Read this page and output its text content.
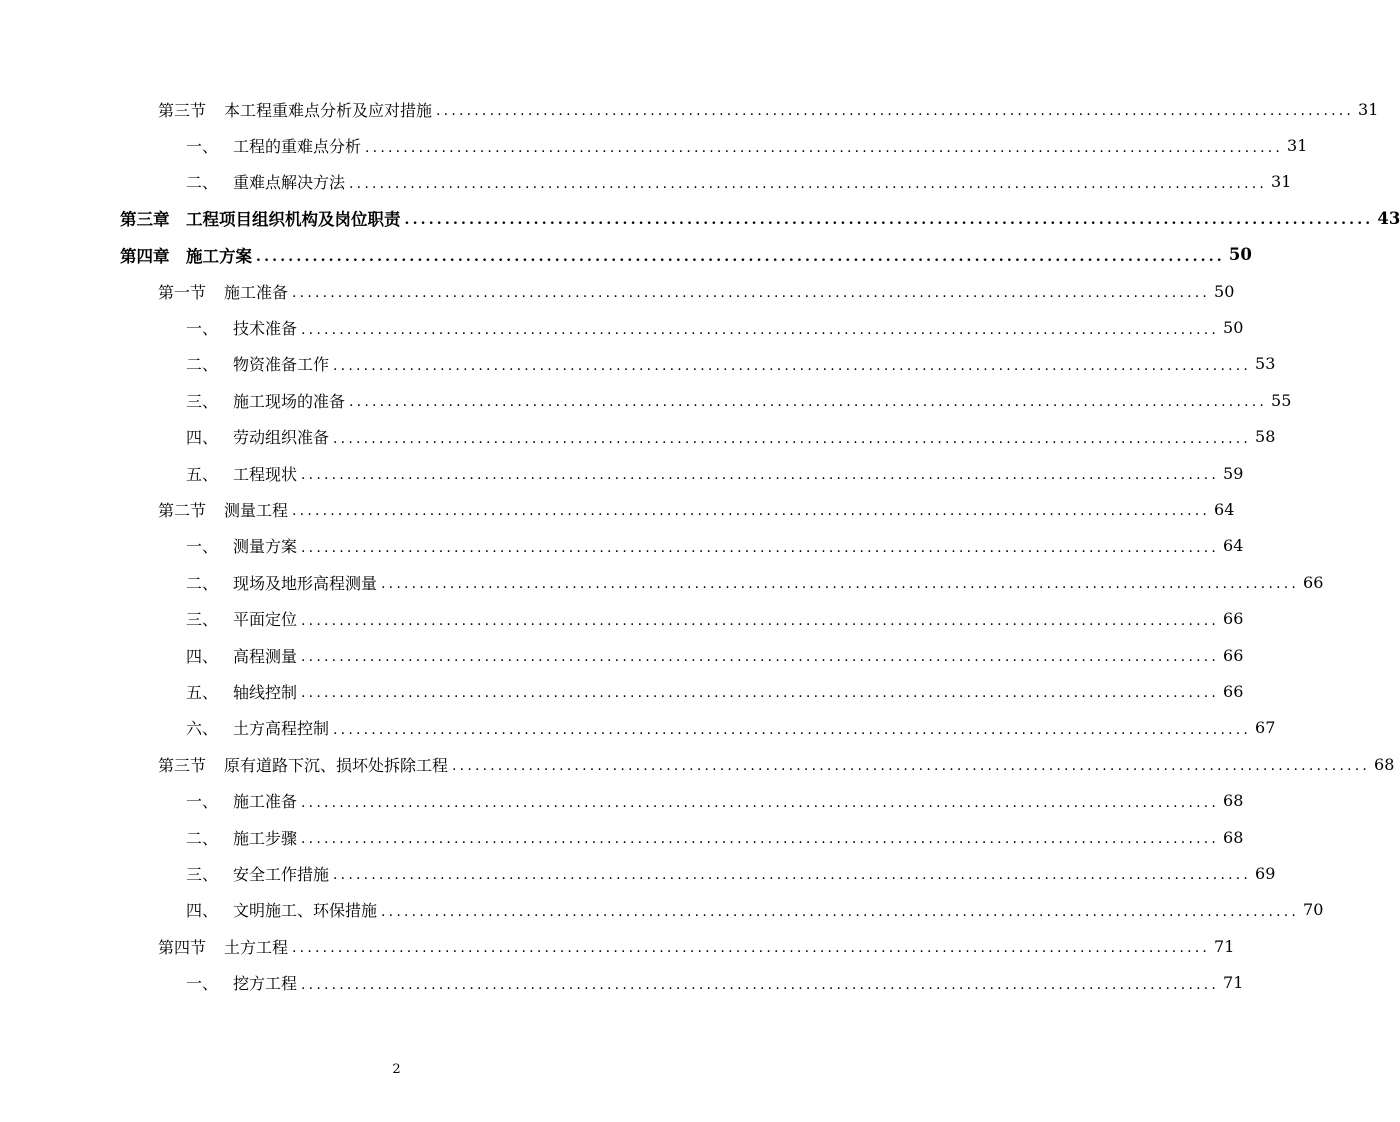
第三节	本工程重难点分析及应对措施 ........................................................................................................................ 31
一、 工程的重难点分析 ........................................................................................................................ 31
二、 重难点解决方法 ........................................................................................................................ 31
第三章	工程项目组织机构及岗位职责 ........................................................................................................................ 43
第四章	施工方案 ........................................................................................................................ 50
第一节	施工准备 ........................................................................................................................ 50
一、 技术准备 ........................................................................................................................ 50
二、 物资准备工作 ........................................................................................................................ 53
三、 施工现场的准备 ........................................................................................................................ 55
四、 劳动组织准备 ........................................................................................................................ 58
五、 工程现状 ........................................................................................................................ 59
第二节	测量工程 ........................................................................................................................ 64
一、 测量方案 ........................................................................................................................ 64
二、 现场及地形高程测量 ........................................................................................................................ 66
三、 平面定位 ........................................................................................................................ 66
四、 高程测量 ........................................................................................................................ 66
五、 轴线控制 ........................................................................................................................ 66
六、 土方高程控制 ........................................................................................................................ 67
第三节	原有道路下沉、损坏处拆除工程 ........................................................................................................................ 68
一、 施工准备 ........................................................................................................................ 68
二、 施工步骤 ........................................................................................................................ 68
三、 安全工作措施 ........................................................................................................................ 69
四、 文明施工、环保措施 ........................................................................................................................ 70
第四节	土方工程 ........................................................................................................................ 71
一、 挖方工程 ........................................................................................................................ 71
2
